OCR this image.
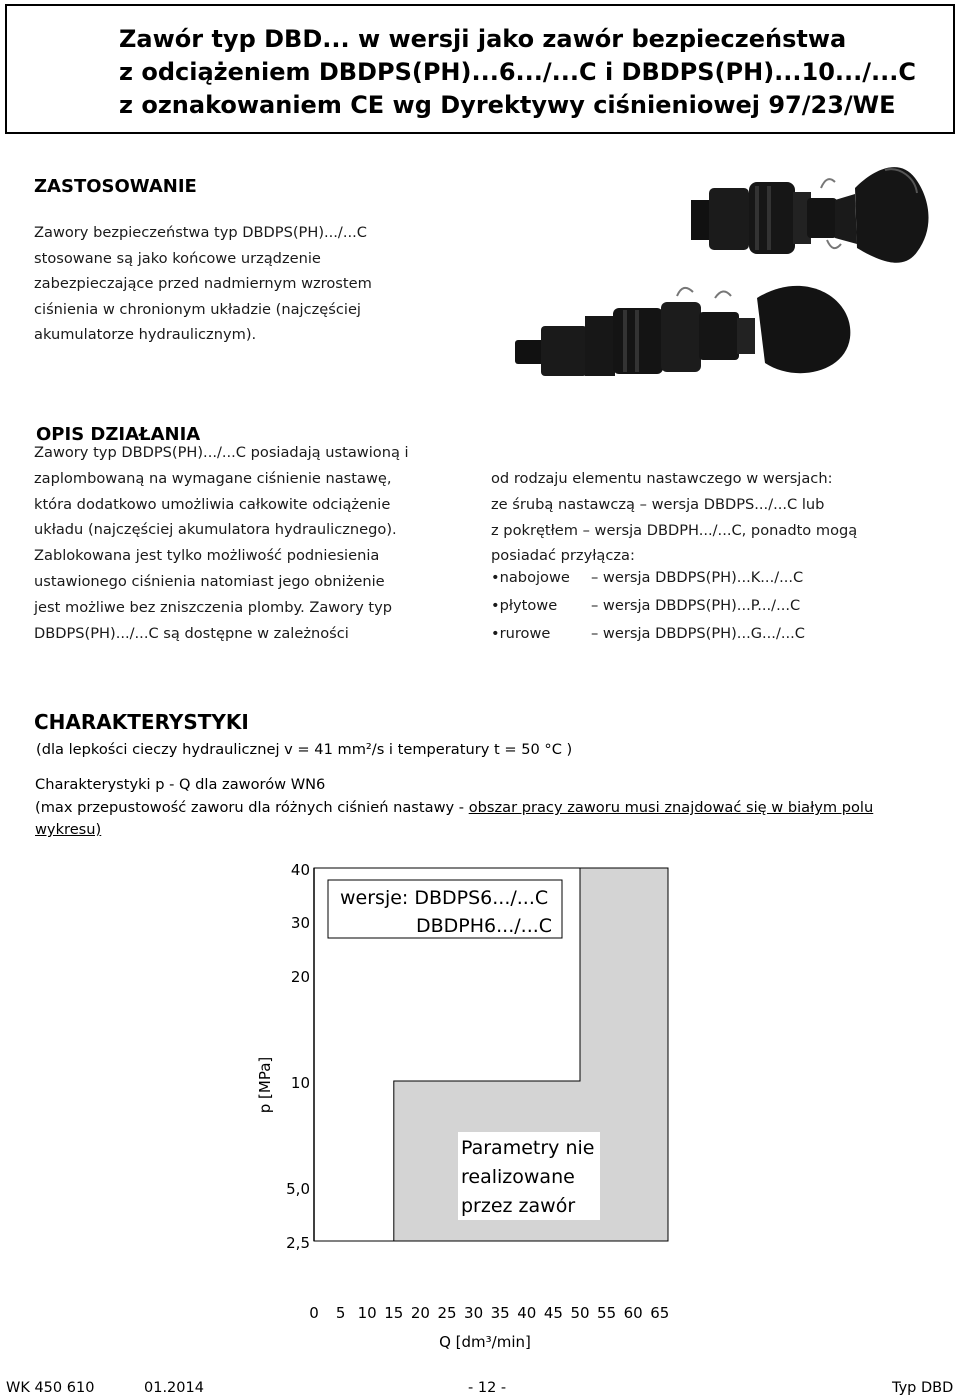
Zawór typ DBD... w wersji jako zawór bezpieczeństwa
z odciążeniem DBDPS(PH)...6.../...C i DBDPS(PH)...10.../...C
z oznakowaniem CE wg Dyrektywy ciśnieniowej 97/23/WE
ZASTOSOWANIE
Zawory bezpieczeństwa typ DBDPS(PH).../...C
stosowane są jako końcowe urządzenie
zabezpieczające przed nadmiernym wzrostem
ciśnienia w chronionym układzie (najczęściej
akumulatorze hydraulicznym).
OPIS DZIAŁANIA
Zawory typ DBDPS(PH).../...C posiadają ustawioną i
zaplombowaną na wymagane ciśnienie nastawę,
która dodatkowo umożliwia całkowite odciążenie
układu (najczęściej akumulatora hydraulicznego).
Zablokowana jest tylko możliwość podniesienia
ustawionego ciśnienia natomiast jego obniżenie
jest możliwe bez zniszczenia plomby. Zawory typ
DBDPS(PH).../...C są dostępne w zależności
od rodzaju elementu nastawczego w wersjach:
ze śrubą nastawczą – wersja DBDPS.../...C lub
z pokrętłem – wersja DBDPH.../...C, ponadto mogą
posiadać przyłącza:
•nabojowe – wersja DBDPS(PH)...K.../...C
•płytowe – wersja DBDPS(PH)...P.../...C
•rurowe	– wersja DBDPS(PH)...G.../...C
CHARAKTERYSTYKI
(dla lepkości cieczy hydraulicznej v = 41 mm²/s i temperatury t = 50 °C )
Charakterystyki p - Q dla zaworów WN6
(max przepustowość zaworu dla różnych ciśnień nastawy - obszar pracy zaworu musi znajdować się w białym polu
wykresu)
40
30
20
10
5,0
2,5
0 5 10 15 20 25 30 35 40 45 50 55 60 65
Q [dm³/min]
p [MPa]
wersje: DBDPS6.../...C
DBDPH6.../...C
Parametry nie
realizowane
przez zawór
WK 450 610	01.2014	- 12 -	Typ DBD
